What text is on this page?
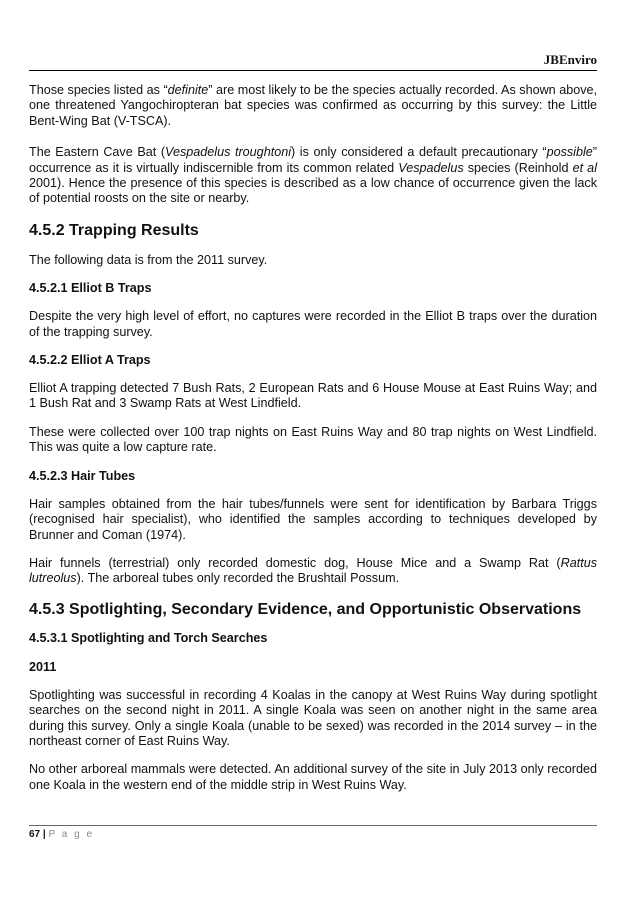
JBEnviro

Those species listed as “definite” are most likely to be the species actually recorded. As shown above, one threatened Yangochiropteran bat species was confirmed as occurring by this survey: the Little Bent-Wing Bat (V-TSCA).

The Eastern Cave Bat (Vespadelus troughtoni) is only considered a default precautionary “possible” occurrence as it is virtually indiscernible from its common related Vespadelus species (Reinhold et al 2001). Hence the presence of this species is described as a low chance of occurrence given the lack of potential roosts on the site or nearby.

4.5.2 Trapping Results

The following data is from the 2011 survey.

4.5.2.1 Elliot B Traps

Despite the very high level of effort, no captures were recorded in the Elliot B traps over the duration of the trapping survey.

4.5.2.2 Elliot A Traps

Elliot A trapping detected 7 Bush Rats, 2 European Rats and 6 House Mouse at East Ruins Way; and 1 Bush Rat and 3 Swamp Rats at West Lindfield.

These were collected over 100 trap nights on East Ruins Way and 80 trap nights on West Lindfield. This was quite a low capture rate.

4.5.2.3 Hair Tubes

Hair samples obtained from the hair tubes/funnels were sent for identification by Barbara Triggs (recognised hair specialist), who identified the samples according to techniques developed by Brunner and Coman (1974).

Hair funnels (terrestrial) only recorded domestic dog, House Mice and a Swamp Rat (Rattus lutreolus). The arboreal tubes only recorded the Brushtail Possum.

4.5.3 Spotlighting, Secondary Evidence, and Opportunistic Observations
4.5.3.1 Spotlighting and Torch Searches
2011

Spotlighting was successful in recording 4 Koalas in the canopy at West Ruins Way during spotlight searches on the second night in 2011. A single Koala was seen on another night in the same area during this survey. Only a single Koala (unable to be sexed) was recorded in the 2014 survey – in the northeast corner of East Ruins Way.

No other arboreal mammals were detected. An additional survey of the site in July 2013 only recorded one Koala in the western end of the middle strip in West Ruins Way.

67 | P a g e
